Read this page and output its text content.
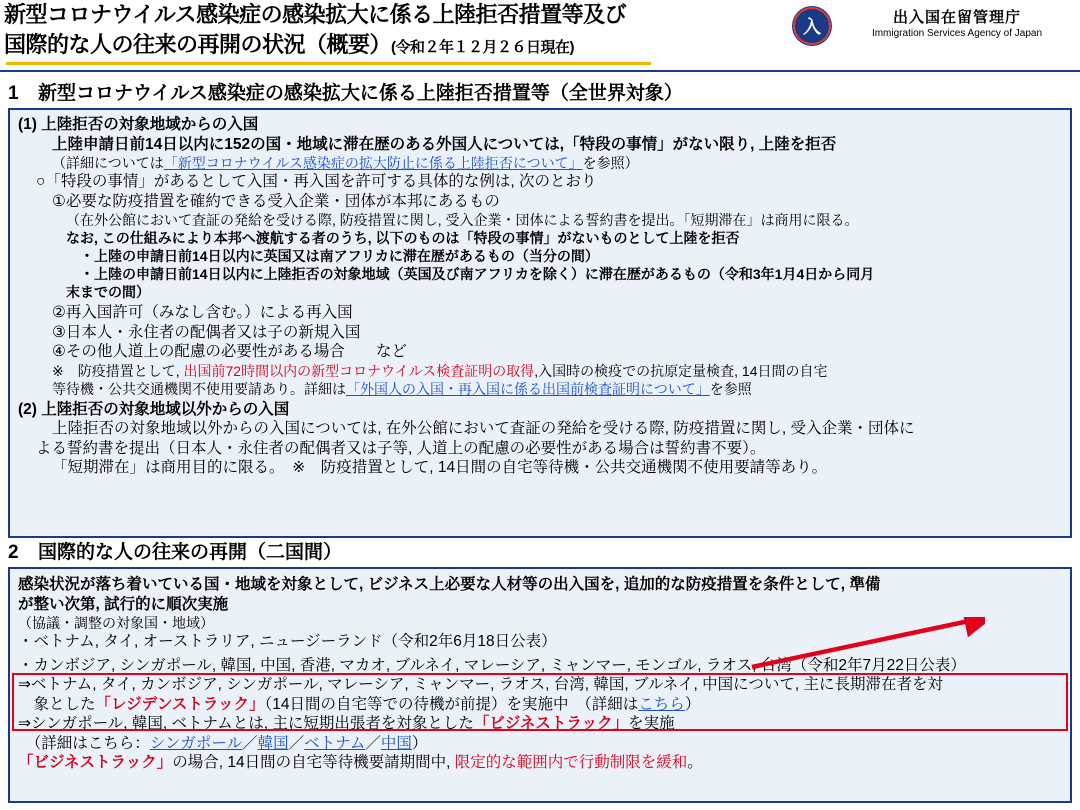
新型コロナウイルス感染症の感染拡大に係る上陸拒否措置等及び
国際的な人の往来の再開の状況（概要）(令和２年１２月２６日現在)
入	出入国在留管理庁
Immigration Services Agency of Japan
1 新型コロナウイルス感染症の感染拡大に係る上陸拒否措置等（全世界対象）
(1) 上陸拒否の対象地域からの入国
上陸申請日前14日以内に152の国・地域に滞在歴のある外国人については,「特段の事情」がない限り, 上陸を拒否
（詳細については「新型コロナウイルス感染症の拡大防止に係る上陸拒否について」を参照）
○「特段の事情」があるとして入国・再入国を許可する具体的な例は, 次のとおり
①必要な防疫措置を確約できる受入企業・団体が本邦にあるもの
（在外公館において査証の発給を受ける際, 防疫措置に関し, 受入企業・団体による誓約書を提出。「短期滞在」は商用に限る。
なお, この仕組みにより本邦へ渡航する者のうち, 以下のものは「特段の事情」がないものとして上陸を拒否
・上陸の申請日前14日以内に英国又は南アフリカに滞在歴があるもの（当分の間）
・上陸の申請日前14日以内に上陸拒否の対象地域（英国及び南アフリカを除く）に滞在歴があるもの（令和3年1月4日から同月
末までの間）
②再入国許可（みなし含む。）による再入国
③日本人・永住者の配偶者又は子の新規入国
④その他人道上の配慮の必要性がある場合　　など
※　防疫措置として, 出国前72時間以内の新型コロナウイルス検査証明の取得,入国時の検疫での抗原定量検査, 14日間の自宅
等待機・公共交通機関不使用要請あり。詳細は「外国人の入国・再入国に係る出国前検査証明について」を参照
(2) 上陸拒否の対象地域以外からの入国
上陸拒否の対象地域以外からの入国については, 在外公館において査証の発給を受ける際, 防疫措置に関し, 受入企業・団体に
よる誓約書を提出（日本人・永住者の配偶者又は子等, 人道上の配慮の必要性がある場合は誓約書不要）。
「短期滞在」は商用目的に限る。　※　防疫措置として, 14日間の自宅等待機・公共交通機関不使用要請等あり。
2 国際的な人の往来の再開（二国間）
感染状況が落ち着いている国・地域を対象として, ビジネス上必要な人材等の出入国を, 追加的な防疫措置を条件として, 準備
が整い次第, 試行的に順次実施
（協議・調整の対象国・地域）
・ベトナム, タイ, オーストラリア, ニュージーランド（令和2年6月18日公表）
・カンボジア, シンガポール, 韓国, 中国, 香港, マカオ, ブルネイ, マレーシア, ミャンマー, モンゴル, ラオス, 台湾（令和2年7月22日公表）
⇒ベトナム, タイ, カンボジア, シンガポール, マレーシア, ミャンマー, ラオス, 台湾, 韓国, ブルネイ, 中国について, 主に長期滞在者を対
　象とした「レジデンストラック」（14日間の自宅等での待機が前提）を実施中　（詳細はこちら）
⇒シンガポール, 韓国, ベトナムとは, 主に短期出張者を対象とした「ビジネストラック」を実施
　（詳細はこちら：シンガポール／韓国／ベトナム／中国）
「ビジネストラック」の場合, 14日間の自宅等待機要請期間中, 限定的な範囲内で行動制限を緩和。
